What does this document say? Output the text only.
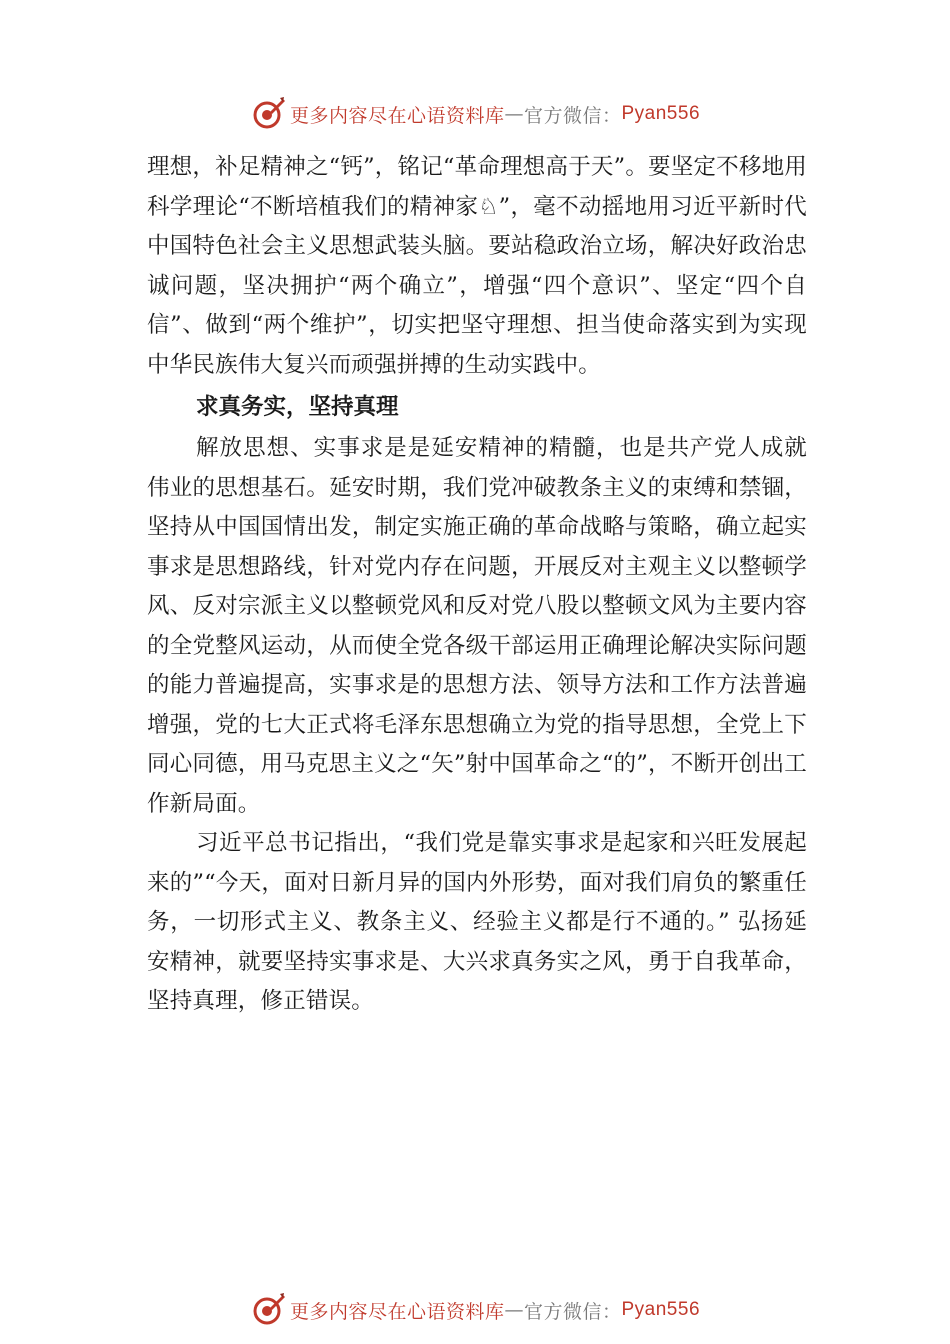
更多内容尽在心语资料库 — 官方微信： Pyan556

理想，补足精神之“钙”，铭记“革命理想高于天”。要坚定不移地用科学理论“不断培植我们的精神家♘”，毫不动摇地用习近平新时代中国特色社会主义思想武装头脑。要站稳政治立场，解决好政治忠诚问题，坚决拥护“两个确立”，增强“四个意识”、坚定“四个自信”、做到“两个维护”，切实把坚守理想、担当使命落实到为实现中华民族伟大复兴而顽强拼搏的生动实践中。

求真务实，坚持真理

解放思想、实事求是是延安精神的精髓，也是共产党人成就伟业的思想基石。延安时期，我们党冲破教条主义的束缚和禁锢，坚持从中国国情出发，制定实施正确的革命战略与策略，确立起实事求是思想路线，针对党内存在问题，开展反对主观主义以整顿学风、反对宗派主义以整顿党风和反对党八股以整顿文风为主要内容的全党整风运动，从而使全党各级干部运用正确理论解决实际问题的能力普遍提高，实事求是的思想方法、领导方法和工作方法普遍增强，党的七大正式将毛泽东思想确立为党的指导思想，全党上下同心同德，用马克思主义之“矢”射中国革命之“的”，不断开创出工作新局面。

习近平总书记指出，“我们党是靠实事求是起家和兴旺发展起来的”“今天，面对日新月异的国内外形势，面对我们肩负的繁重任务，一切形式主义、教条主义、经验主义都是行不通的。” 弘扬延安精神，就要坚持实事求是、大兴求真务实之风，勇于自我革命，坚持真理，修正错误。

更多内容尽在心语资料库 — 官方微信： Pyan556
